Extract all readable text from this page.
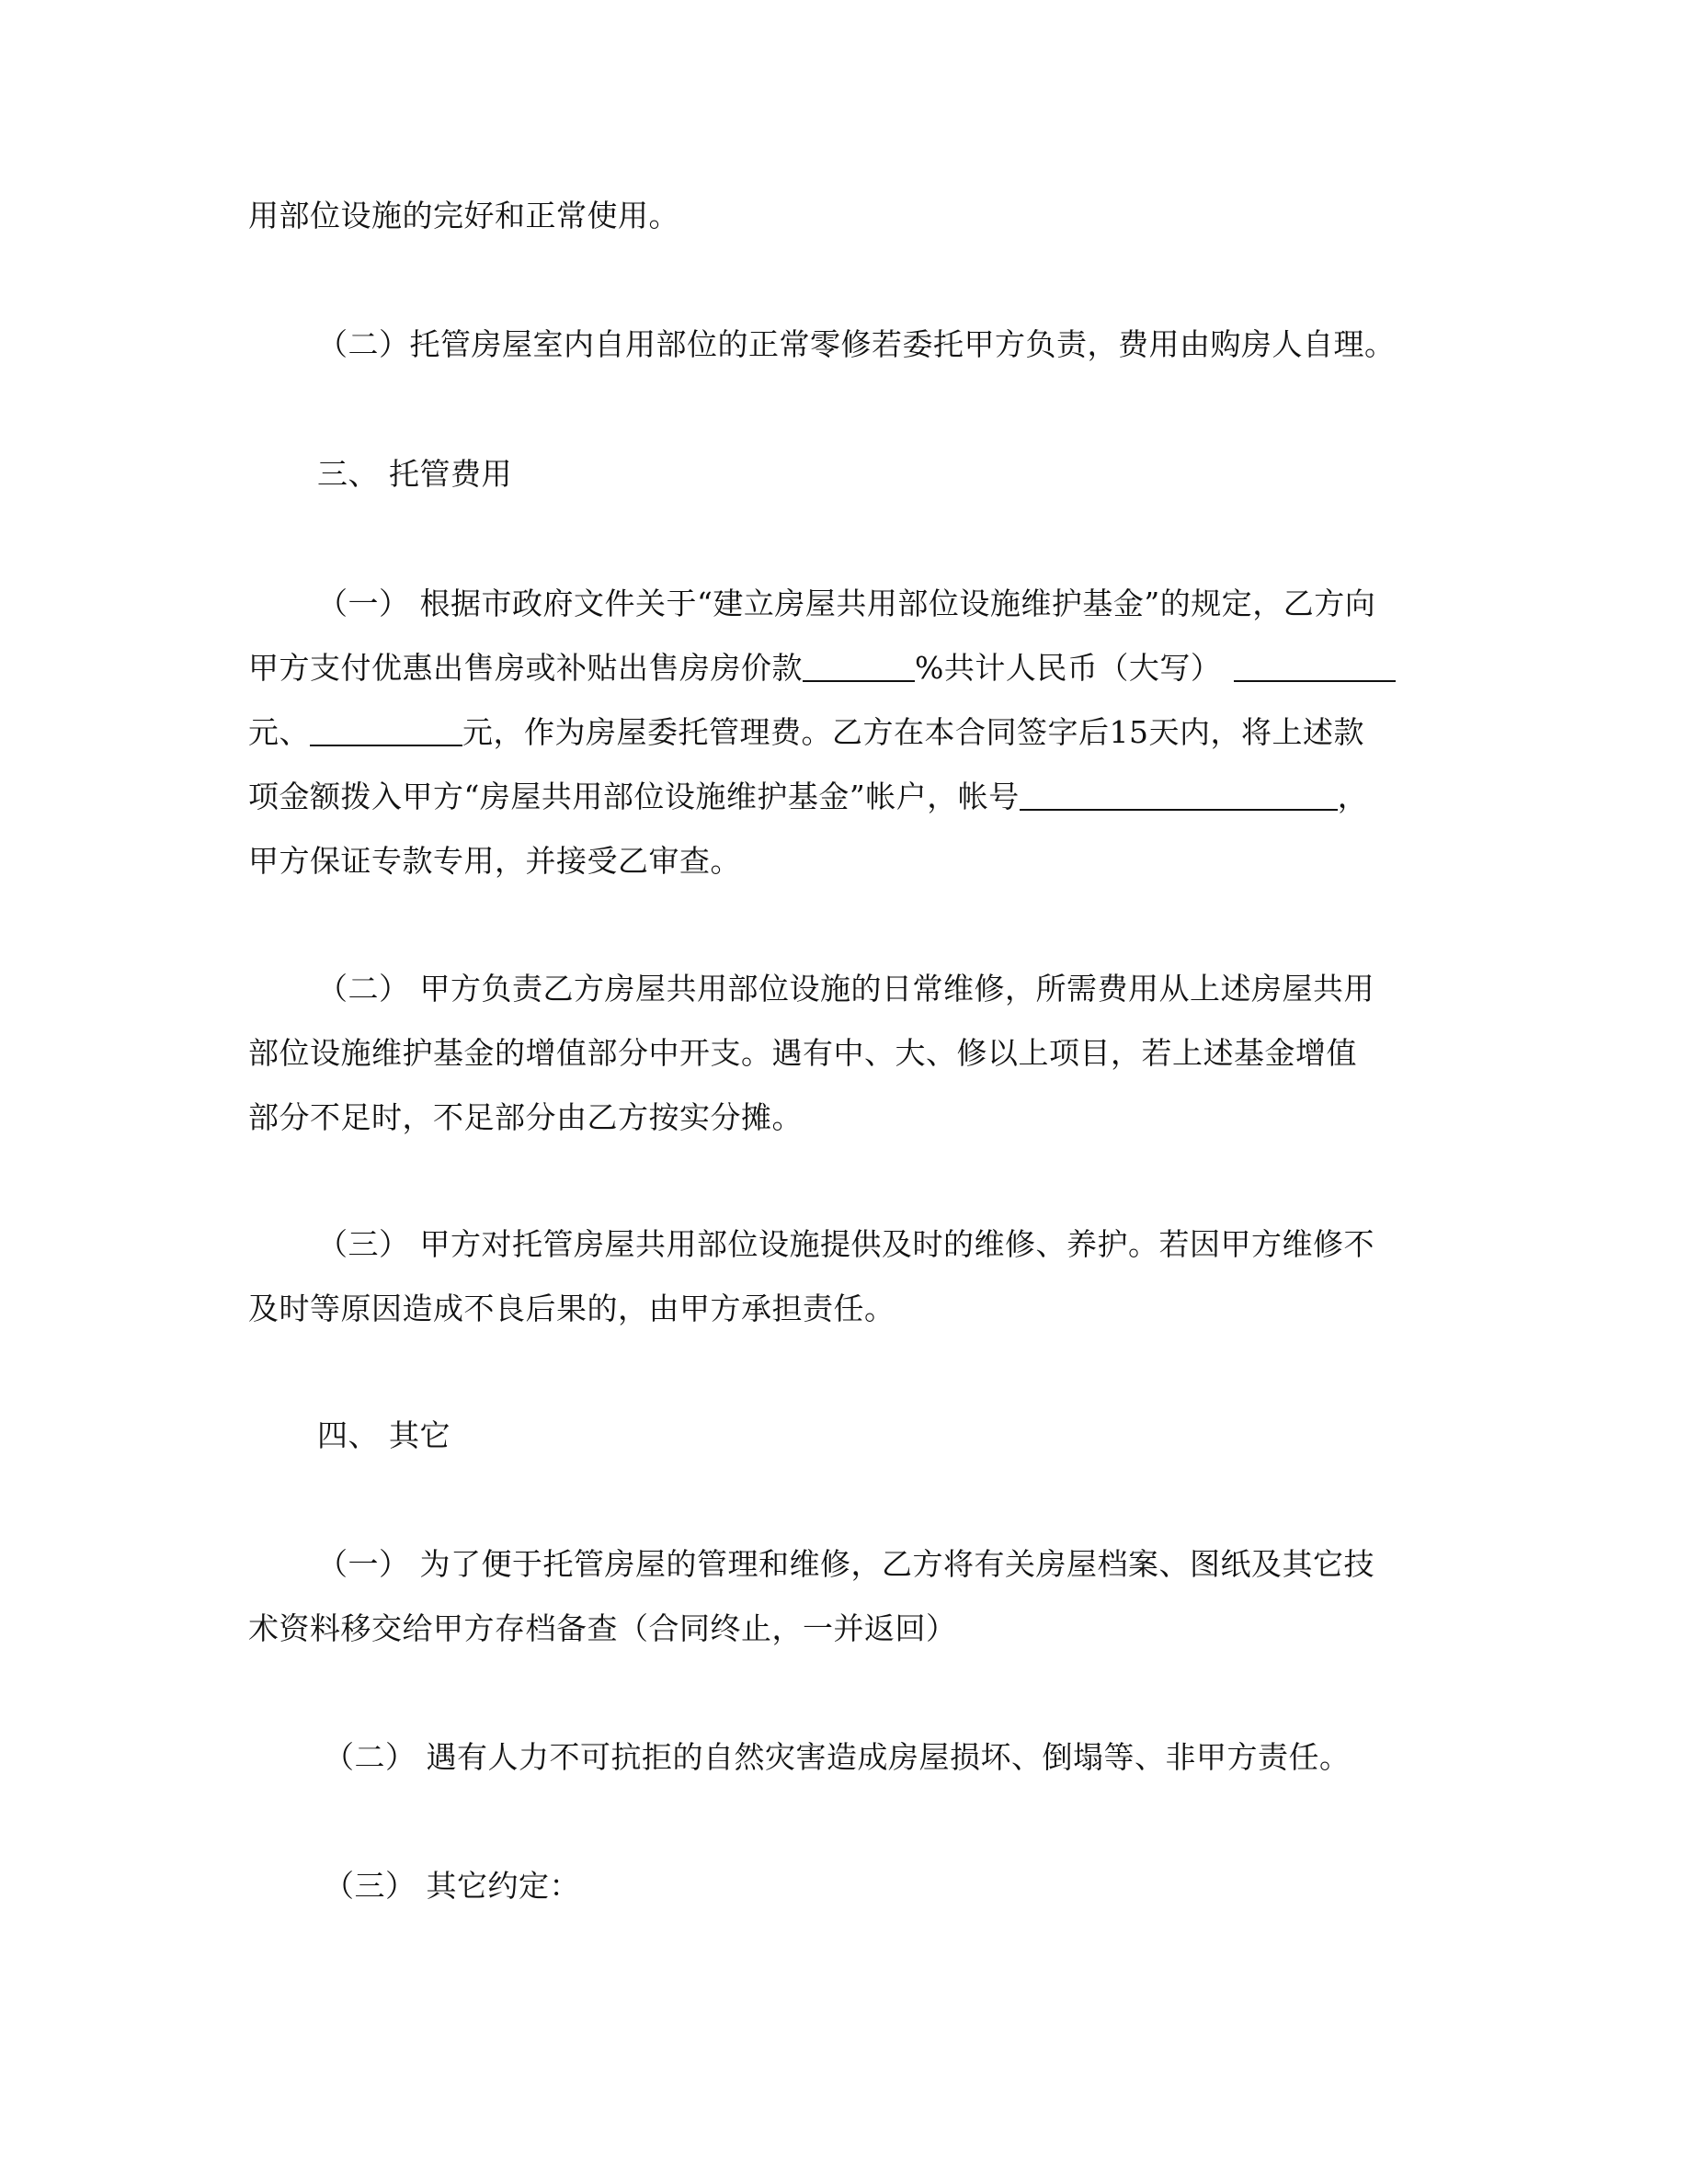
用部位设施的完好和正常使用。
（二）托管房屋室内自用部位的正常零修若委托甲方负责，费用由购房人自理。
三、 托管费用
（一） 根据市政府文件关于“建立房屋共用部位设施维护基金”的规定，乙方向
甲方支付优惠出售房或补贴出售房房价款	%共计人民币（大写）
元、	元，作为房屋委托管理费。乙方在本合同签字后15天内，将上述款
项金额拨入甲方“房屋共用部位设施维护基金”帐户，帐号	，
甲方保证专款专用，并接受乙审查。
（二） 甲方负责乙方房屋共用部位设施的日常维修，所需费用从上述房屋共用
部位设施维护基金的增值部分中开支。遇有中、大、修以上项目，若上述基金增值
部分不足时，不足部分由乙方按实分摊。
（三） 甲方对托管房屋共用部位设施提供及时的维修、养护。若因甲方维修不
及时等原因造成不良后果的，由甲方承担责任。
四、 其它
（一） 为了便于托管房屋的管理和维修，乙方将有关房屋档案、图纸及其它技
术资料移交给甲方存档备查（合同终止，一并返回）
（二） 遇有人力不可抗拒的自然灾害造成房屋损坏、倒塌等、非甲方责任。
（三） 其它约定：
